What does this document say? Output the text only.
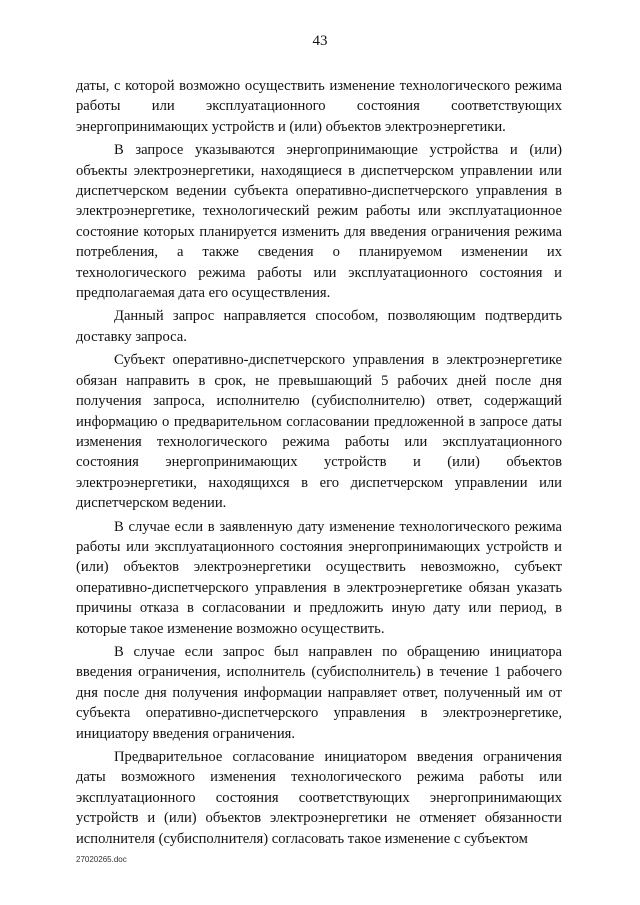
43

даты, с которой возможно осуществить изменение технологического режима работы или эксплуатационного состояния соответствующих энергопринимающих устройств и (или) объектов электроэнергетики.

В запросе указываются энергопринимающие устройства и (или) объекты электроэнергетики, находящиеся в диспетчерском управлении или диспетчерском ведении субъекта оперативно-диспетчерского управления в электроэнергетике, технологический режим работы или эксплуатационное состояние которых планируется изменить для введения ограничения режима потребления, а также сведения о планируемом изменении их технологического режима работы или эксплуатационного состояния и предполагаемая дата его осуществления.

Данный запрос направляется способом, позволяющим подтвердить доставку запроса.

Субъект оперативно-диспетчерского управления в электроэнергетике обязан направить в срок, не превышающий 5 рабочих дней после дня получения запроса, исполнителю (субисполнителю) ответ, содержащий информацию о предварительном согласовании предложенной в запросе даты изменения технологического режима работы или эксплуатационного состояния энергопринимающих устройств и (или) объектов электроэнергетики, находящихся в его диспетчерском управлении или диспетчерском ведении.

В случае если в заявленную дату изменение технологического режима работы или эксплуатационного состояния энергопринимающих устройств и (или) объектов электроэнергетики осуществить невозможно, субъект оперативно-диспетчерского управления в электроэнергетике обязан указать причины отказа в согласовании и предложить иную дату или период, в которые такое изменение возможно осуществить.

В случае если запрос был направлен по обращению инициатора введения ограничения, исполнитель (субисполнитель) в течение 1 рабочего дня после дня получения информации направляет ответ, полученный им от субъекта оперативно-диспетчерского управления в электроэнергетике, инициатору введения ограничения.

Предварительное согласование инициатором введения ограничения даты возможного изменения технологического режима работы или эксплуатационного состояния соответствующих энергопринимающих устройств и (или) объектов электроэнергетики не отменяет обязанности исполнителя (субисполнителя) согласовать такое изменение с субъектом

27020265.doc
